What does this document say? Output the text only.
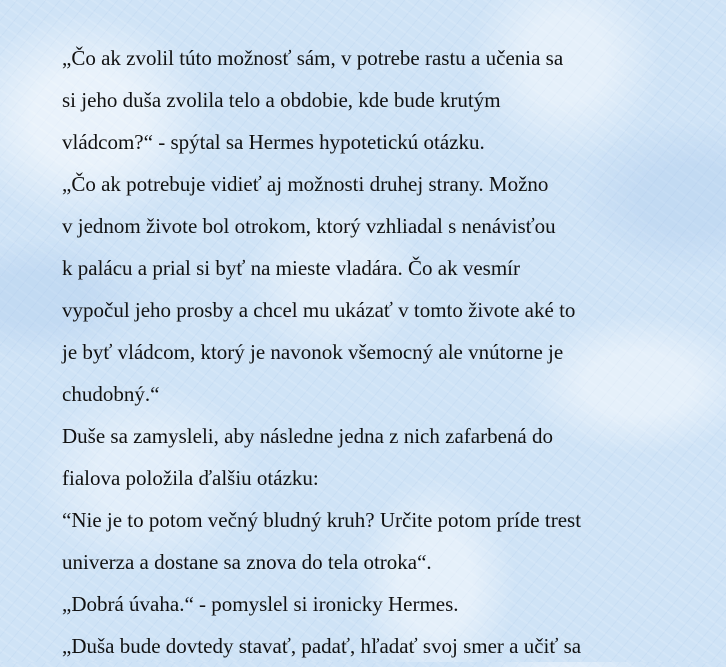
„Čo ak zvolil túto možnosť sám, v potrebe rastu a učenia sa
si jeho duša zvolila telo a obdobie, kde bude krutým
vládcom?“ - spýtal sa Hermes hypotetickú otázku.
„Čo ak potrebuje vidieť aj možnosti druhej strany. Možno
v jednom živote bol otrokom, ktorý vzhliadal s nenávisťou
k palácu a prial si byť na mieste vladára. Čo ak vesmír
vypočul jeho prosby a chcel mu ukázať v tomto živote aké to
je byť vládcom, ktorý je navonok všemocný ale vnútorne je
chudobný.“
Duše sa zamysleli, aby následne jedna z nich zafarbená do
fialova položila ďalšiu otázku:
“Nie je to potom večný bludný kruh? Určite potom príde trest
univerza a dostane sa znova do tela otroka“.
„Dobrá úvaha.“ - pomyslel si ironicky Hermes.
„Duša bude dovtedy stavať, padať, hľadať svoj smer a učiť sa
